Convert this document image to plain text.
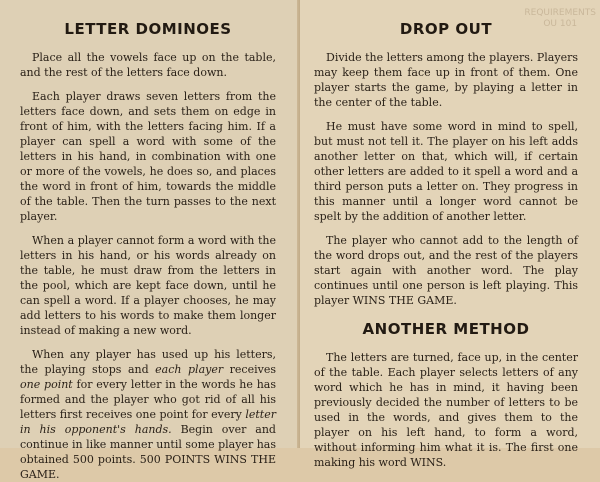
LETTER DOMINOES

Place all the vowels face up on the table, and the rest of the letters face down.

Each player draws seven letters from the letters face down, and sets them on edge in front of him, with the letters facing him. If a player can spell a word with some of the letters in his hand, in combination with one or more of the vowels, he does so, and places the word in front of him, towards the middle of the table. Then the turn passes to the next player.

When a player cannot form a word with the letters in his hand, or his words already on the table, he must draw from the letters in the pool, which are kept face down, until he can spell a word. If a player chooses, he may add letters to his words to make them longer instead of making a new word.

When any player has used up his letters, the playing stops and each player receives one point for every letter in the words he has formed and the player who got rid of all his letters first receives one point for every letter in his opponent's hands. Begin over and continue in like manner until some player has obtained 500 points. 500 POINTS WINS THE GAME.

REQUIREMENTS
OU 101
DROP OUT

Divide the letters among the players. Players may keep them face up in front of them. One player starts the game, by playing a letter in the center of the table.

He must have some word in mind to spell, but must not tell it. The player on his left adds another letter on that, which will, if certain other letters are added to it spell a word and a third person puts a letter on. They progress in this manner until a longer word cannot be spelt by the addition of another letter.

The player who cannot add to the length of the word drops out, and the rest of the players start again with another word. The play continues until one person is left playing. This player WINS THE GAME.

ANOTHER METHOD

The letters are turned, face up, in the center of the table. Each player selects letters of any word which he has in mind, it having been previously decided the number of letters to be used in the words, and gives them to the player on his left hand, to form a word, without informing him what it is. The first one making his word WINS.
